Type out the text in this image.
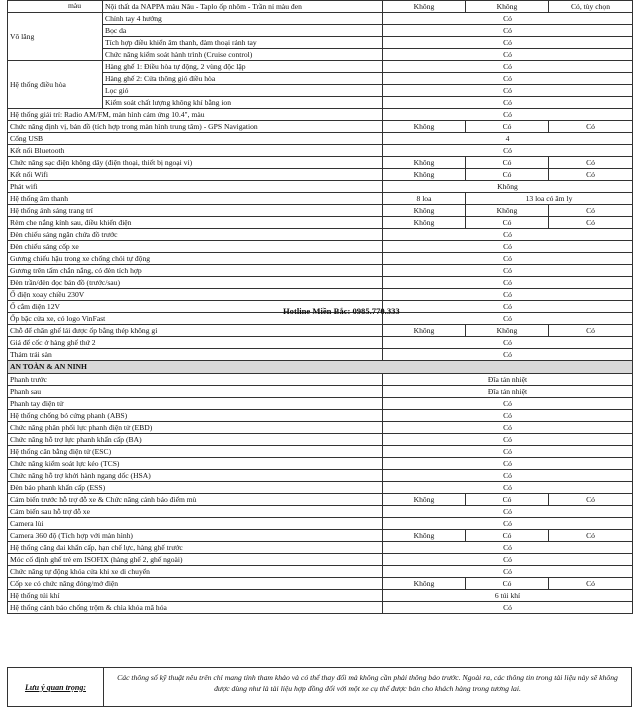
màu	Nội thất da NAPPA màu Nâu - Taplo ốp nhôm - Trần nỉ màu đen	Không	Không	Có, tùy chọn
Vô lăng	Chỉnh tay 4 hướng	Có		
	Bọc da	Có		
	Tích hợp điều khiển âm thanh, đàm thoại rảnh tay	Có		
	Chức năng kiểm soát hành trình (Cruise control)	Có		
Hệ thống điều hòa	Hàng ghế 1: Điều hòa tự động, 2 vùng độc lập	Có		
	Hàng ghế 2: Cửa thông gió điều hòa	Có		
	Lọc gió	Có		
	Kiểm soát chất lượng không khí bằng ion	Có		
Hệ thống giải trí: Radio AM/FM, màn hình cảm ứng 10.4", màu		Có		
Chức năng định vị, bản đồ (tích hợp trong màn hình trung tâm) - GPS Navigation		Không	Có	Có
Cổng USB		4		
Kết nối Bluetooth		Có		
Chức năng sạc điện không dây (điện thoại, thiết bị ngoại vi)		Không	Có	Có
Kết nối Wifi		Không	Có	Có
Phát wifi		Không		
Hệ thống âm thanh		8 loa	13 loa có âm ly	
Hệ thống ánh sáng trang trí		Không	Không	Có
Rèm che nắng kính sau, điều khiển điện		Không	Có	Có
Đèn chiếu sáng ngăn chứa đồ trước		Có		
Đèn chiếu sáng cốp xe		Có		
Gương chiếu hậu trong xe chống chói tự động		Có		
Gương trên tấm chắn nắng, có đèn tích hợp		Có		
Đèn trần/đèn đọc bản đồ (trước/sau)		Có		
Ổ điện xoay chiều 230V		Có		
Ổ cắm điện 12V		Có		
Ốp bậc cửa xe, có logo VinFast		Có		
Chỗ để chân ghế lái được ốp bằng thép không gỉ		Không	Không	Có
Giá để cốc ở hàng ghế thứ 2		Có		
Thảm trải sàn		Có		
AN TOÀN & AN NINH				
Phanh trước		Đĩa tản nhiệt		
Phanh sau		Đĩa tản nhiệt		
Phanh tay điện tử		Có		
Hệ thống chống bó cứng phanh (ABS)		Có		
Chức năng phân phối lực phanh điện tử (EBD)		Có		
Chức năng hỗ trợ lực phanh khẩn cấp (BA)		Có		
Hệ thống cân bằng điện tử (ESC)		Có		
Chức năng kiểm soát lực kéo (TCS)		Có		
Chức năng hỗ trợ khởi hành ngang dốc (HSA)		Có		
Đèn báo phanh khẩn cấp (ESS)		Có		
Cảm biến trước hỗ trợ đỗ xe & Chức năng cảnh báo điểm mù		Không	Có	Có
Cảm biến sau hỗ trợ đỗ xe		Có		
Camera lùi		Có		
Camera 360 độ (Tích hợp với màn hình)		Không	Có	Có
Hệ thống căng đai khẩn cấp, hạn chế lực, hàng ghế trước		Có		
Móc cố định ghế trẻ em ISOFIX (hàng ghế 2, ghế ngoài)		Có		
Chức năng tự động khóa cửa khi xe di chuyển		Có		
Cốp xe có chức năng đóng/mở điện		Không	Có	Có
Hệ thống túi khí		6 túi khí		
Hệ thống cảnh báo chống trộm & chìa khóa mã hóa		Có		
Hotline Miền Bắc: 0985.770.333
Lưu ý quan trọng:
Các thông số kỹ thuật nêu trên chỉ mang tính tham khảo và có thể thay đổi mà không cần phải thông báo trước. Ngoài ra, các thông tin trong tài liệu này sẽ không được dùng như là tài liệu hợp đồng đối với một xe cụ thể được bán cho khách hàng trong tương lai.
